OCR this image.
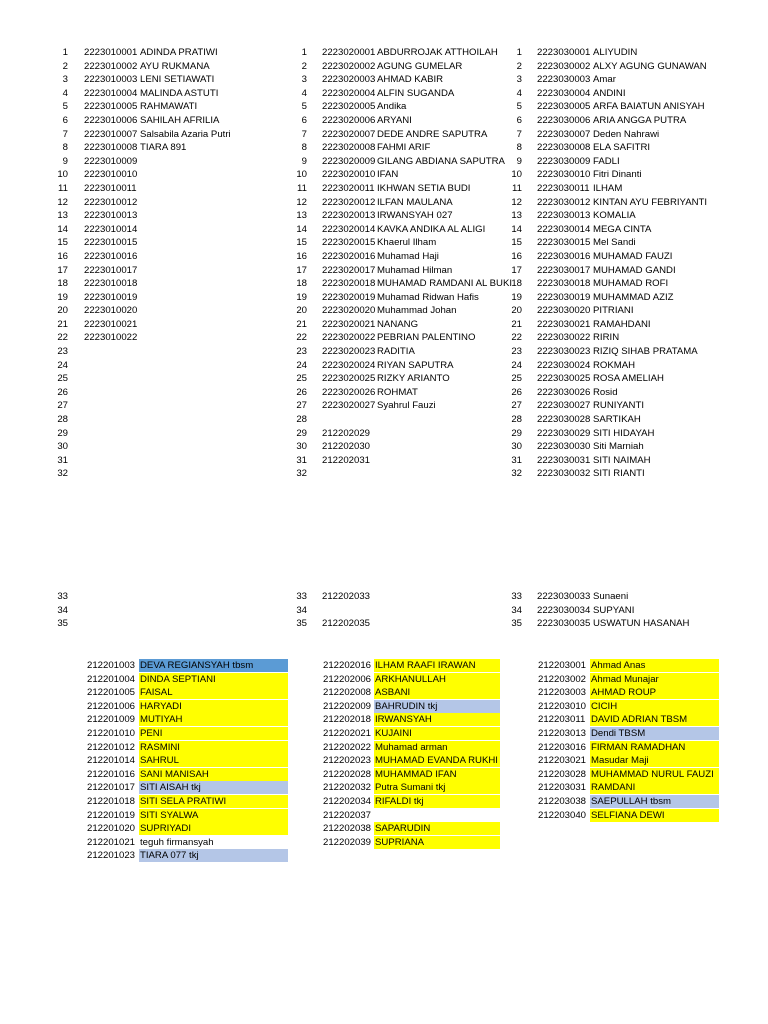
1 2223010001 ADINDA PRATIWI
2 2223010002 AYU RUKMANA
3 2223010003 LENI SETIAWATI
4 2223010004 MALINDA ASTUTI
5 2223010005 RAHMAWATI
6 2223010006 SAHILAH AFRILIA
7 2223010007 Salsabila Azaria Putri
8 2223010008 TIARA 891
9 2223010009
10 2223010010
11 2223010011
12 2223010012
13 2223010013
14 2223010014
15 2223010015
16 2223010016
17 2223010017
18 2223010018
19 2223010019
20 2223010020
21 2223010021
22 2223010022
23
24
25
26
27
28
29
30
31
32
1 2223020001 ABDURROJAK ATTHOILAH
2 2223020002 AGUNG GUMELAR
3 2223020003 AHMAD KABIR
4 2223020004 ALFIN SUGANDA
5 2223020005 Andika
6 2223020006 ARYANI
7 2223020007 DEDE ANDRE SAPUTRA
8 2223020008 FAHMI ARIF
9 2223020009 GILANG ABDIANA SAPUTRA
10 2223020010 IFAN
11 2223020011 IKHWAN SETIA BUDI
12 2223020012 ILFAN MAULANA
13 2223020013 IRWANSYAH 027
14 2223020014 KAVKA ANDIKA AL ALIGI
15 2223020015 Khaerul Ilham
16 2223020016 Muhamad Haji
17 2223020017 Muhamad Hilman
18 2223020018 MUHAMAD RAMDANI AL BUKI
19 2223020019 Muhamad Ridwan Hafis
20 2223020020 Muhammad Johan
21 2223020021 NANANG
22 2223020022 PEBRIAN PALENTINO
23 2223020023 RADITIA
24 2223020024 RIYAN SAPUTRA
25 2223020025 RIZKY ARIANTO
26 2223020026 ROHMAT
27 2223020027 Syahrul Fauzi
28
29 212202029
30 212202030
31 212202031
32
1 2223030001 ALIYUDIN
2 2223030002 ALXY AGUNG GUNAWAN
3 2223030003 Amar
4 2223030004 ANDINI
5 2223030005 ARFA BAIATUN ANISYAH
6 2223030006 ARIA ANGGA PUTRA
7 2223030007 Deden Nahrawi
8 2223030008 ELA SAFITRI
9 2223030009 FADLI
10 2223030010 Fitri Dinanti
11 2223030011 ILHAM
12 2223030012 KINTAN AYU FEBRIYANTI
13 2223030013 KOMALIA
14 2223030014 MEGA CINTA
15 2223030015 Mel Sandi
16 2223030016 MUHAMAD FAUZI
17 2223030017 MUHAMAD GANDI
18 2223030018 MUHAMAD ROFI
19 2223030019 MUHAMMAD AZIZ
20 2223030020 PITRIANI
21 2223030021 RAMAHDANI
22 2223030022 RIRIN
23 2223030023 RIZIQ SIHAB PRATAMA
24 2223030024 ROKMAH
25 2223030025 ROSA AMELIAH
26 2223030026 Rosid
27 2223030027 RUNIYANTI
28 2223030028 SARTIKAH
29 2223030029 SITI HIDAYAH
30 2223030030 Siti Marniah
31 2223030031 SITI NAIMAH
32 2223030032 SITI RIANTI
33
34
35
33 212202033
34
35 212202035
33 2223030033 Sunaeni
34 2223030034 SUPYANI
35 2223030035 USWATUN HASANAH
212201003 DEVA REGIANSYAH tbsm
212201004 DINDA SEPTIANI
212201005 FAISAL
212201006 HARYADI
212201009 MUTIYAH
212201010 PENI
212201012 RASMINI
212201014 SAHRUL
212201016 SANI MANISAH
212201017 SITI AISAH tkj
212201018 SITI SELA PRATIWI
212201019 SITI SYALWA
212201020 SUPRIYADI
212201021 teguh firmansyah
212201023 TIARA 077 tkj
212202016 ILHAM RAAFI IRAWAN
212202006 ARKHANULLAH
212202008 ASBANI
212202009 BAHRUDIN tkj
212202018 IRWANSYAH
212202021 KUJAINI
212202022 Muhamad arman
212202023 MUHAMAD EVANDA RUKHI
212202028 MUHAMMAD IFAN
212202032 Putra Sumani tkj
212202034 RIFALDI tkj
212202037
212202038 SAPARUDIN
212202039 SUPRIANA
212203001 Ahmad Anas
212203002 Ahmad Munajar
212203003 AHMAD ROUP
212203010 CICIH
212203011 DAVID ADRIAN TBSM
212203013 Dendi TBSM
212203016 FIRMAN RAMADHAN
212203021 Masudar Maji
212203028 MUHAMMAD NURUL FAUZI
212203031 RAMDANI
212203038 SAEPULLAH tbsm
212203040 SELFIANA DEWI
